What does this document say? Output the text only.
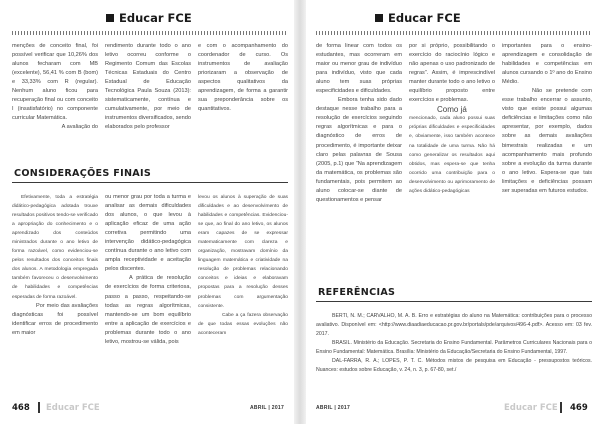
Educar FCE

menções de conceito final, foi possível verificar que 10,26% dos alunos fecharam com MB (excelente), 56,41 % com B (bom) e 33,33% com R (regular). Nenhum aluno ficou para recuperação final ou com conceito I (insatisfatório) no componente curricular Matemática.

A avaliação do

rendimento durante todo o ano letivo ocorreu conforme o Regimento Comum das Escolas Técnicas Estaduais do Centro Estadual de Educação Tecnológica Paula Souza (2013): sistematicamente, contínua e cumulativamente, por meio de instrumentos diversificados, sendo elaborados pelo professor

e com o acompanhamento do coordenador de curso. Os instrumentos de avaliação priorizaram a observação de aspectos qualitativos da aprendizagem, de forma a garantir sua preponderância sobre os quantitativos.

CONSIDERAÇÕES FINAIS

Efetivamente, toda a estratégia didático-pedagógica adotada trouxe resultados positivos tendo-se verificado a apropriação do conhecimento e o aprendizado dos conteúdos ministrados durante o ano letivo de forma razoável, como evidenciou-se pelos resultados dos conceitos finais dos alunos. A metodologia empregada também favoreceu o desenvolvimento de habilidades e competências esperadas de forma razoável.

Por meio das avaliações diagnósticas foi possível identificar erros de procedimento em maior

ou menor grau por toda a turma e analisar as demais dificuldades dos alunos, o que levou à aplicação eficaz de uma ação corretiva permitindo uma intervenção didático-pedagógica contínua durante o ano letivo com ampla receptividade e aceitação pelos discentes.

A prática de resolução de exercícios de forma criteriosa, passo a passo, respeitando-se todas as regras algorítmicas, mantendo-se um bom equilíbrio entre a aplicação de exercícios e problemas durante todo o ano letivo, mostrou-se válida, pois

levou os alunos à superação de suas dificuldades e ao desenvolvimento de habilidades e competências. Evidenciou-se que, ao final do ano letivo, os alunos eram capazes de se expressar matematicamente com clareza e organização, mostravam domínio da linguagem matemática e criatividade na resolução de problemas relacionando conceitos e ideias e elaboravam propostas para a resolução desses problemas com argumentação consistente.

Cabe a ça fazera observação de que todas essas evoluções não aconteceram

468 Educar FCE	ABRIL | 2017
Educar FCE

de forma linear com todos os estudantes, mas ocorreram em maior ou menor grau de indivíduo para indivíduo, visto que cada aluno tem suas próprias especificidades e dificuldades.

Embora tenha sido dado destaque nesse trabalho para a resolução de exercícios seguindo regras algorítmicas e para o diagnóstico de erros de procedimento, é importante deixar claro pelas palavras de Sousa (2005, p.1) que “Na aprendizagem da matemática, os problemas são fundamentais, pois permitem ao aluno colocar-se diante de questionamentos e pensar

por si próprio, possibilitando o exercício do raciocínio lógico e não apenas o uso padronizado de regras”. Assim, é imprescindível manter durante todo o ano letivo o equilíbrio proposto entre exercícios e problemas.

Como já

mencionado, cada aluno possui suas próprias dificuldades e especificidades e, obviamente, isso também acontece na totalidade de uma turma. Não há como generalizar os resultados aqui obtidos, mas espera-se que tenha ocorrido uma contribuição para o desenvolvimento ou aprimoramento de ações didático-pedagógicas

importantes para o ensino-aprendizagem e consolidação de habilidades e competências em alunos cursando o 1º ano do Ensino Médio.

Não se pretende com esse trabalho encerrar o assunto, visto que existe possui algumas deficiências e limitações como não apresentar, por exemplo, dados sobre as demais avaliações bimestrais realizadas e um acompanhamento mais profundo sobre a evolução da turma durante o ano letivo. Espera-se que tais limitações e deficiências possam ser superadas em futuros estudos.

REFERÊNCIAS

BERTI, N. M.; CARVALHO, M. A. B. Erro e estratégias do aluno na Matemática: contribuições para o processo avaliativo. Disponível em: <http://www.diaadiaeducacao.pr.gov.br/portals/pde/arquivos/496-4.pdf>. Acesso em: 03 fev. 2017.

BRASIL. Ministério da Educação. Secretaria do Ensino Fundamental. Parâmetros Curriculares Nacionais para o Ensino Fundamental: Matemática. Brasília: Ministério da Educação/Secretaria do Ensino Fundamental, 1997.

DAL-FARRA, R. A.; LOPES, P. T. C. Métodos mistos de pesquisa em Educação - pressupostos teóricos. Nuances: estudos sobre Educação, v. 24, n. 3, p. 67-80, set./

ABRIL | 2017	Educar FCE 469
